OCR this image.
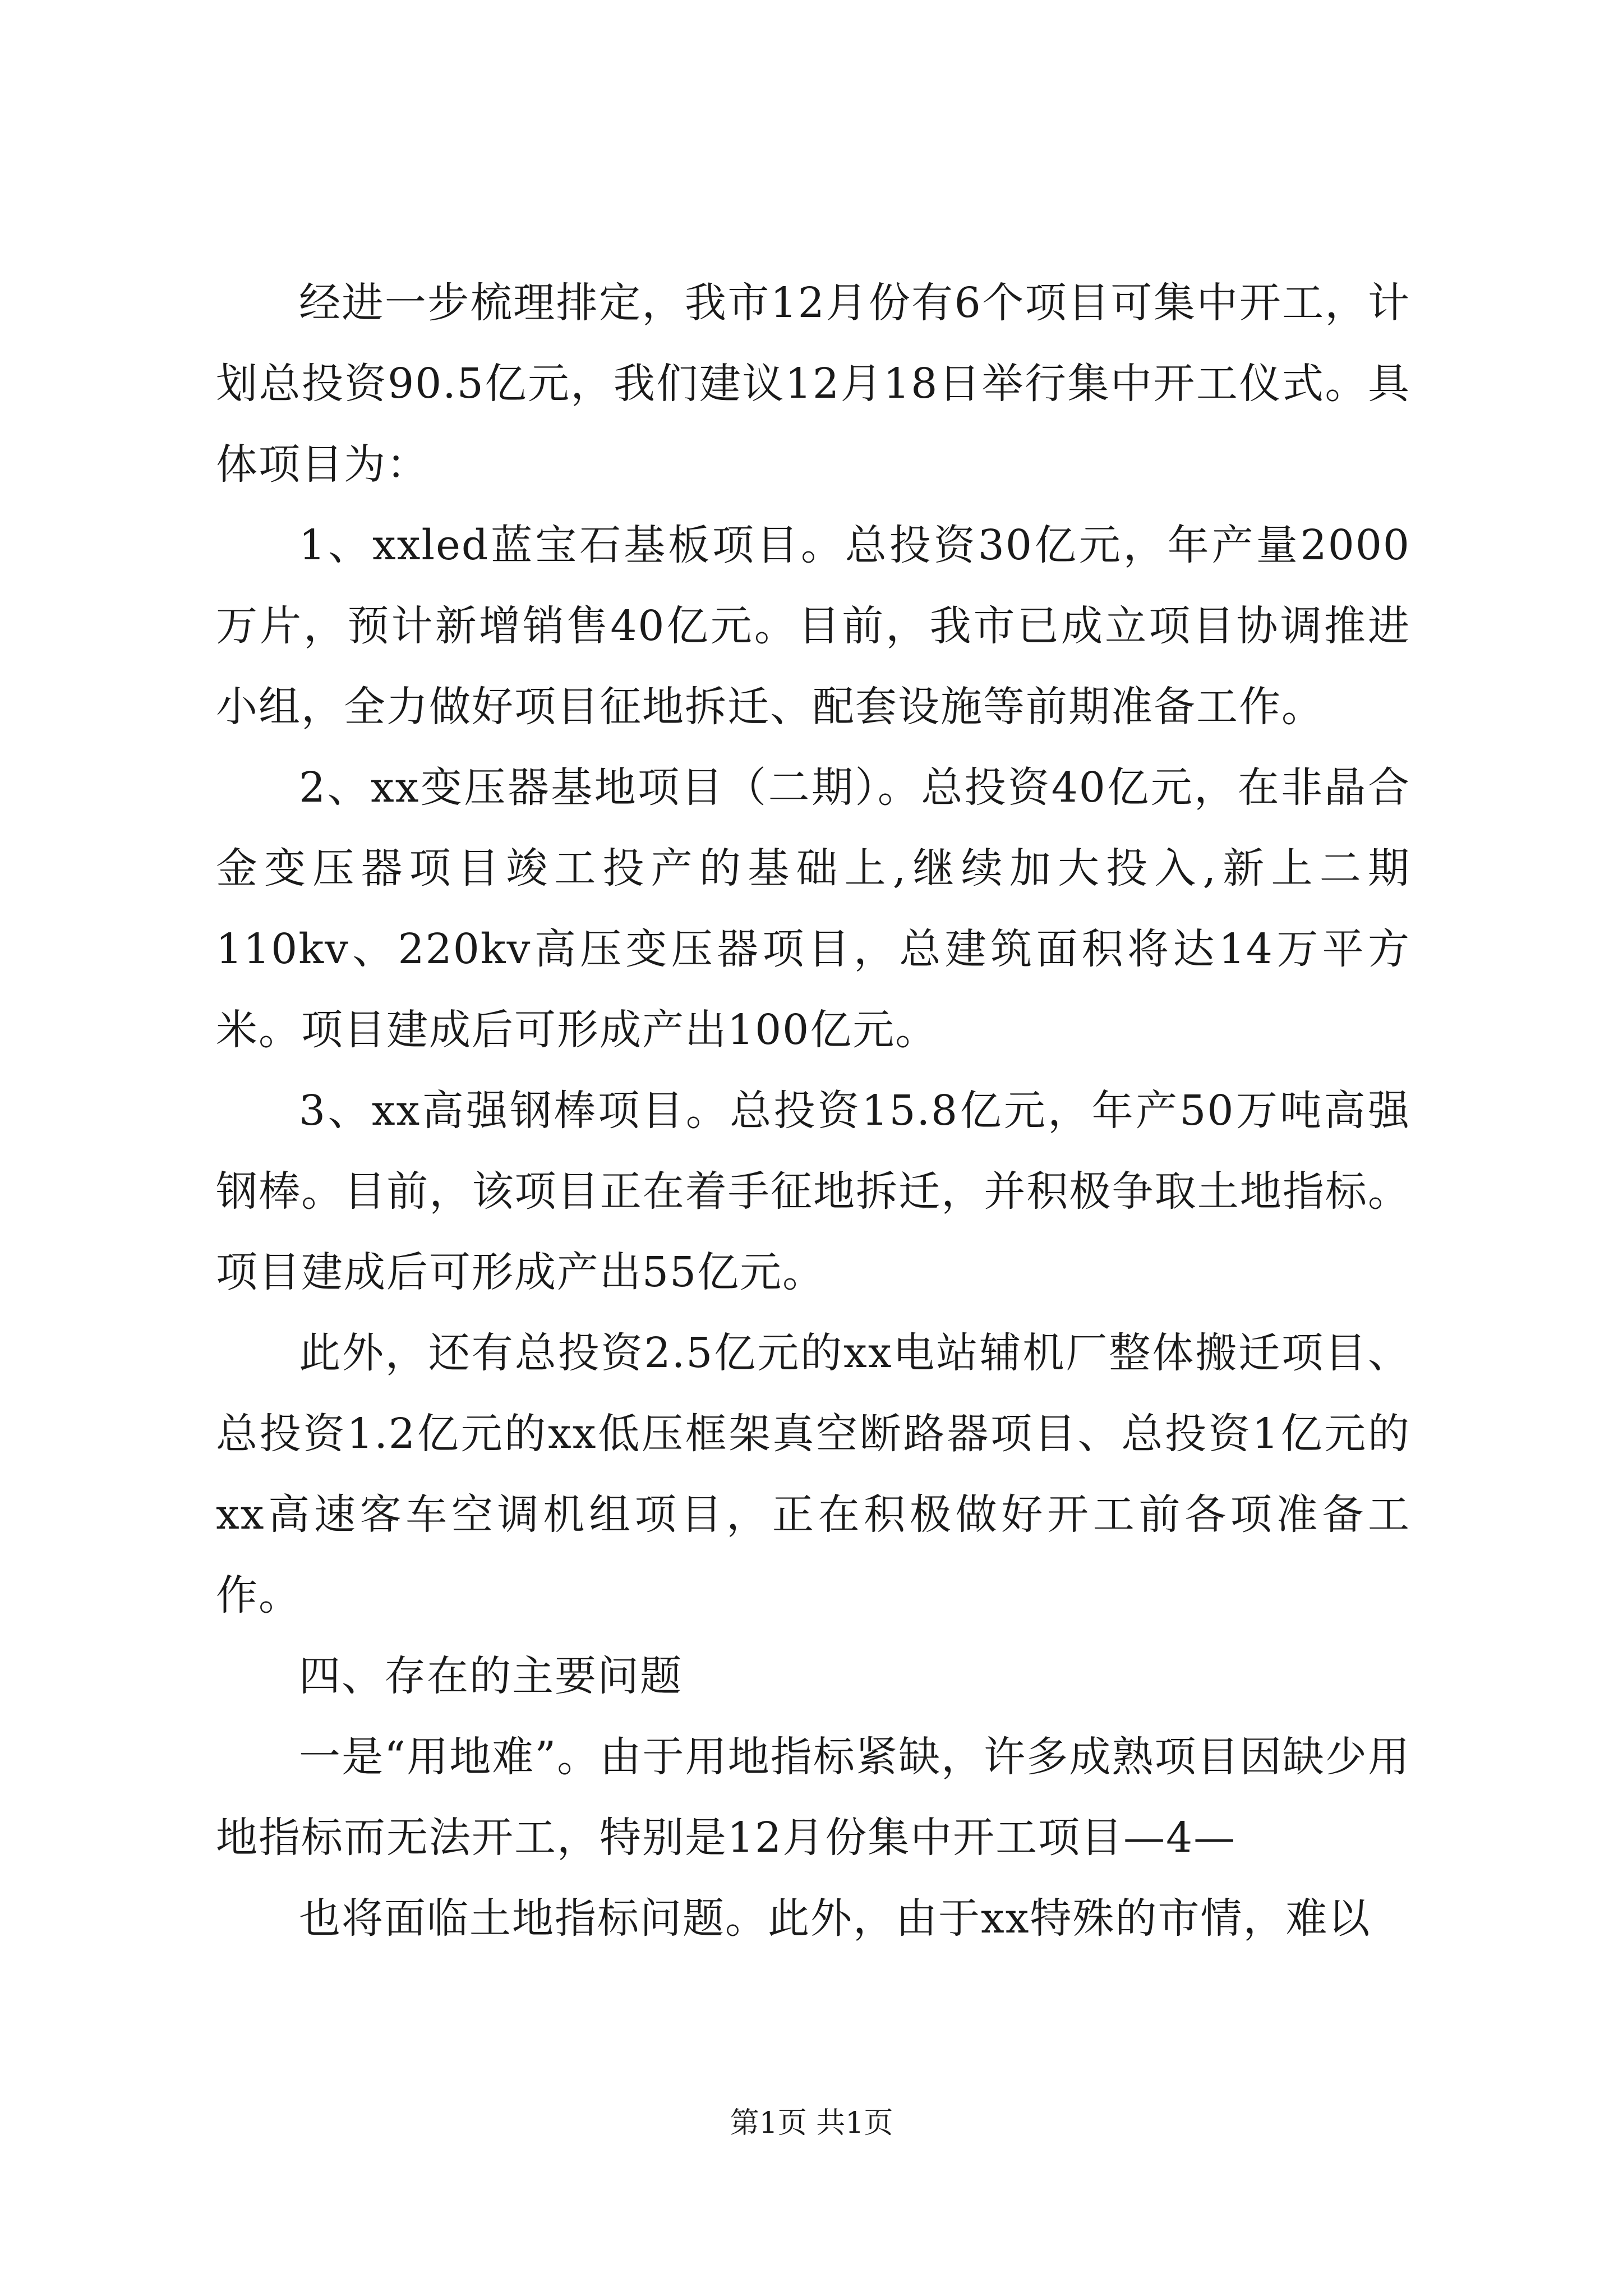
经进一步梳理排定，我市12月份有6个项目可集中开工，计划总投资90.5亿元，我们建议12月18日举行集中开工仪式。具体项目为：

1、xxled蓝宝石基板项目。总投资30亿元，年产量2000万片，预计新增销售40亿元。目前，我市已成立项目协调推进小组，全力做好项目征地拆迁、配套设施等前期准备工作。

2、xx变压器基地项目（二期）。总投资40亿元，在非晶合金变压器项目竣工投产的基础上,继续加大投入,新上二期110kv、220kv高压变压器项目，总建筑面积将达14万平方米。项目建成后可形成产出100亿元。

3、xx高强钢棒项目。总投资15.8亿元，年产50万吨高强钢棒。目前，该项目正在着手征地拆迁，并积极争取土地指标。项目建成后可形成产出55亿元。

此外，还有总投资2.5亿元的xx电站辅机厂整体搬迁项目、总投资1.2亿元的xx低压框架真空断路器项目、总投资1亿元的xx高速客车空调机组项目，正在积极做好开工前各项准备工作。

四、存在的主要问题

一是“用地难”。由于用地指标紧缺，许多成熟项目因缺少用地指标而无法开工，特别是12月份集中开工项目—4—

也将面临土地指标问题。此外，由于xx特殊的市情，难以

第1页 共1页
